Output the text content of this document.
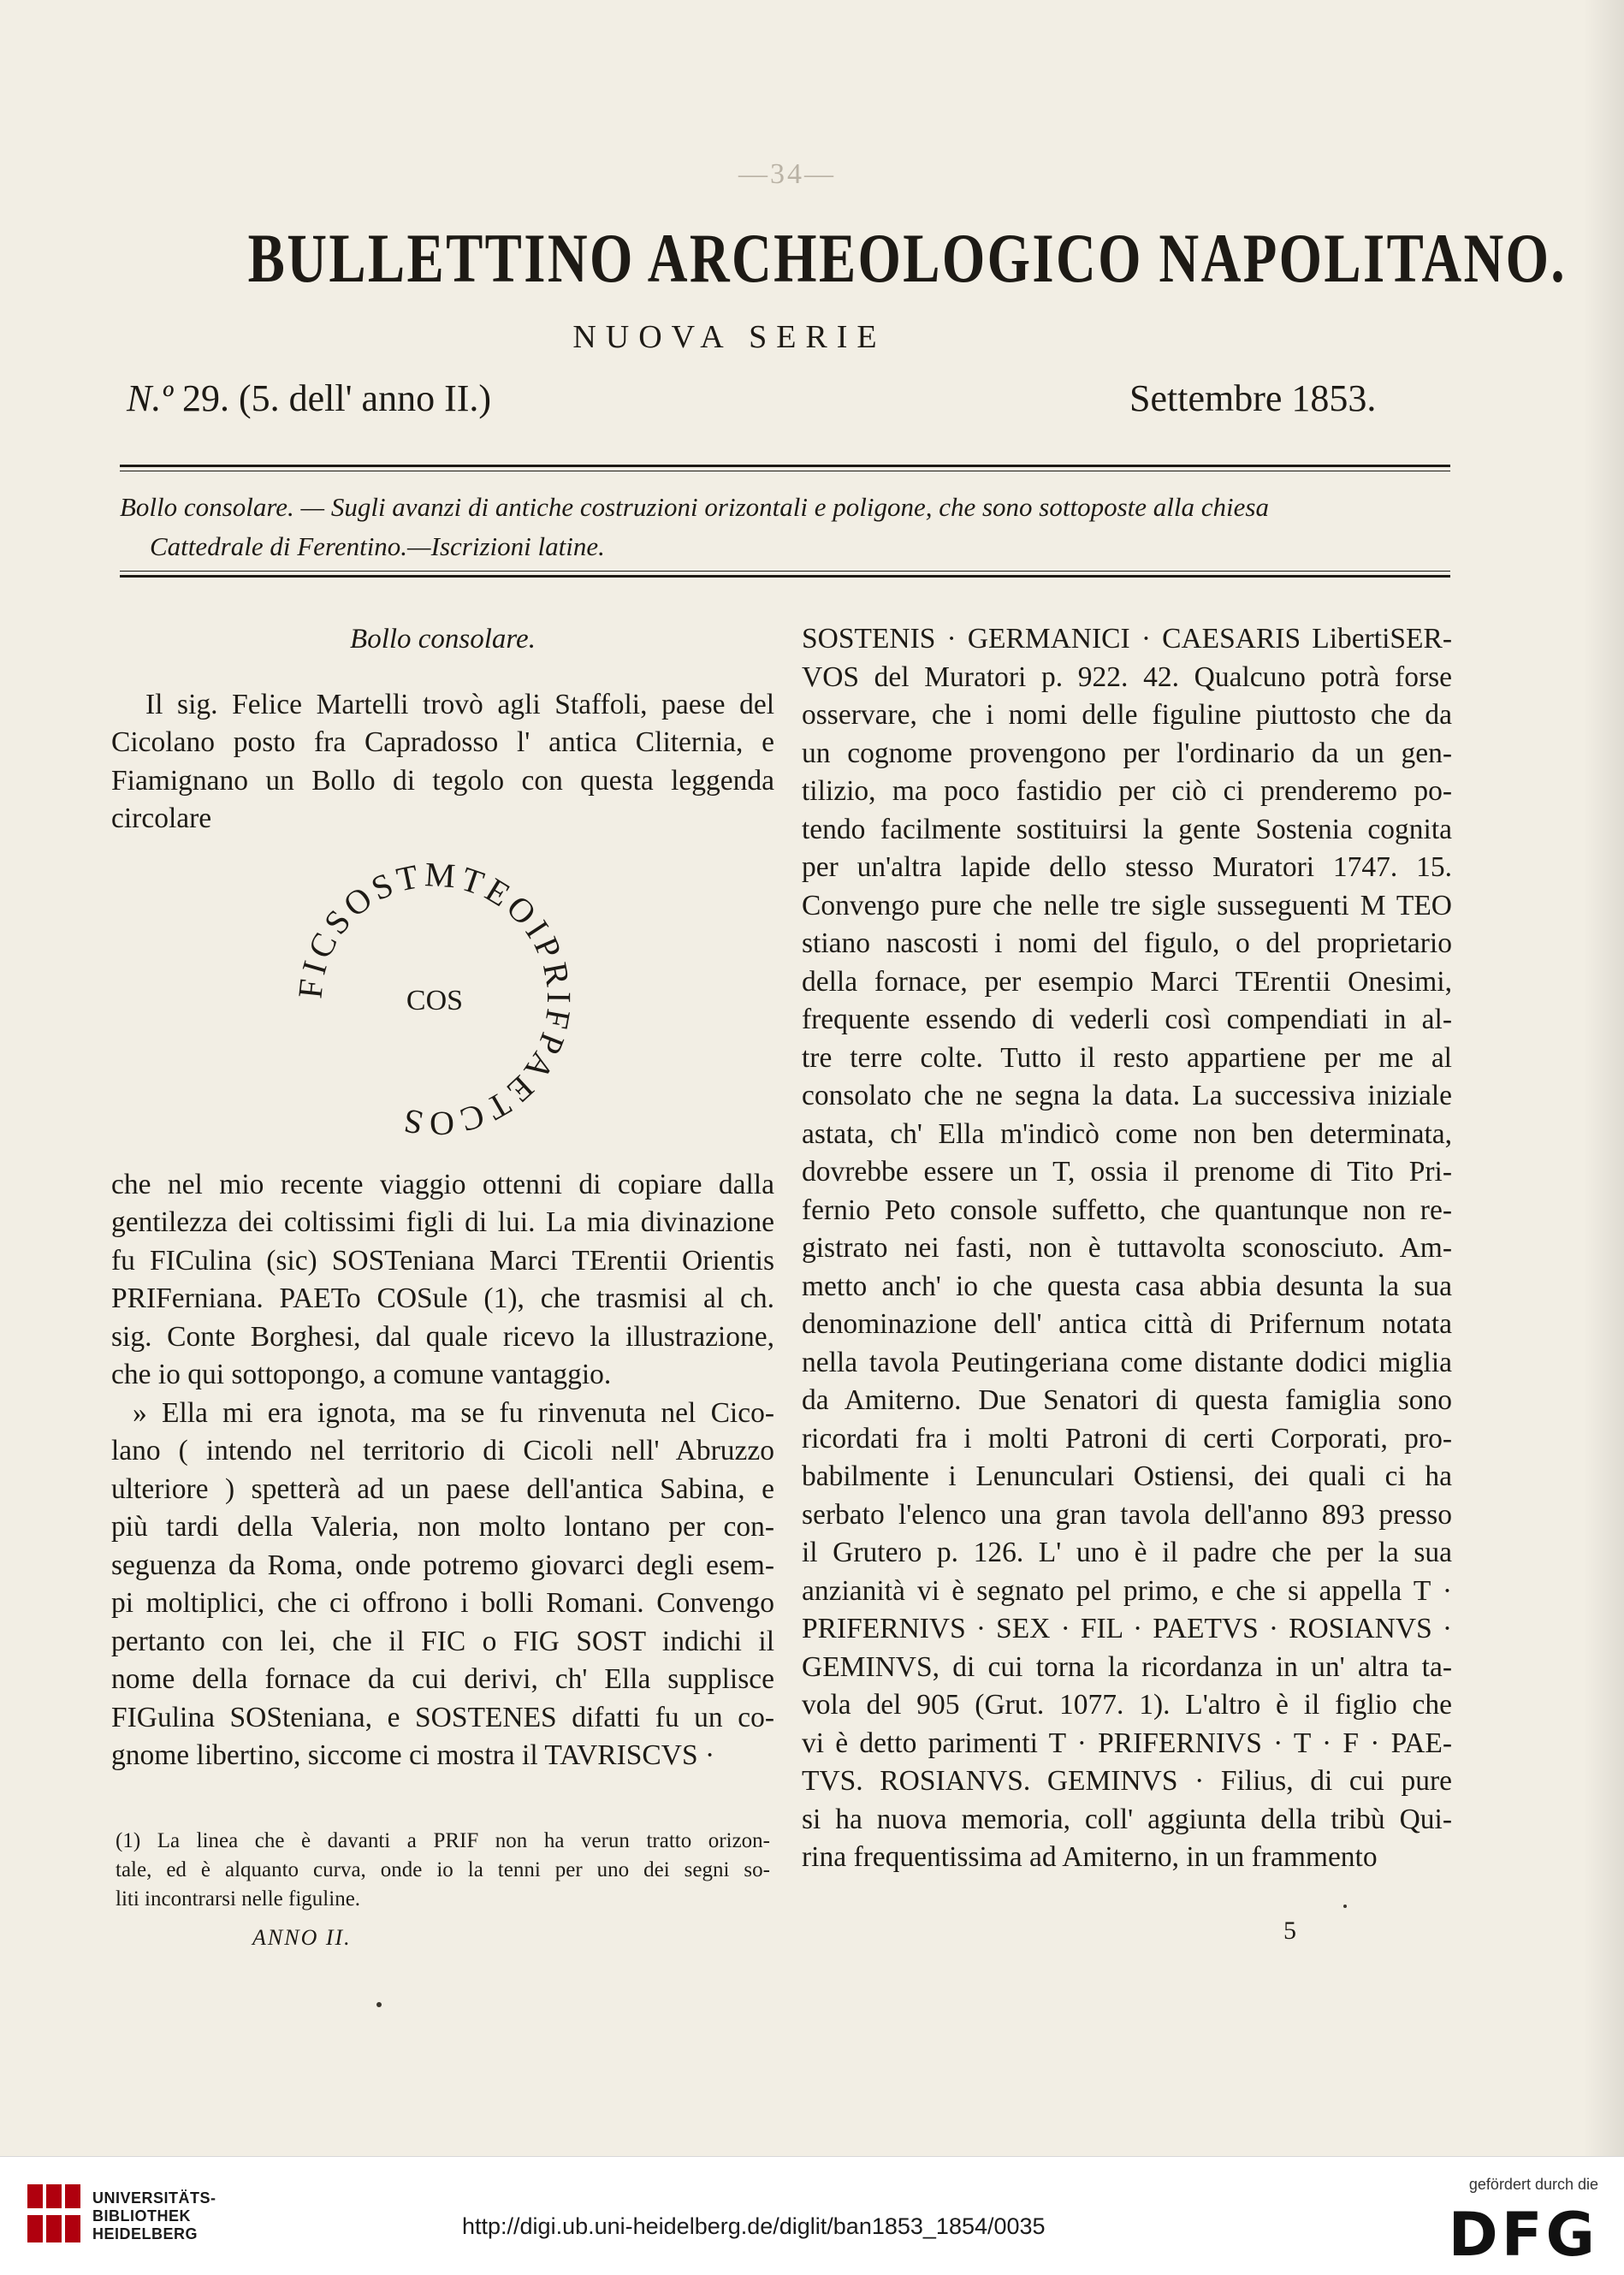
—34—
BULLETTINO ARCHEOLOGICO NAPOLITANO.
NUOVA SERIE
N.º 29. (5. dell' anno II.)	Settembre 1853.
Bollo consolare. — Sugli avanzi di antiche costruzioni orizontali e poligone, che sono sottoposte alla chiesa
Cattedrale di Ferentino.—Iscrizioni latine.
Bollo consolare.

Il sig. Felice Martelli trovò agli Staffoli, paese del
Cicolano posto fra Capradosso l' antica Cliternia, e
Fiamignano un Bollo di tegolo con questa leggenda
circolare

che nel mio recente viaggio ottenni di copiare dalla
gentilezza dei coltissimi figli di lui. La mia divinazione
fu FICulina (sic) SOSTeniana Marci TErentii Orientis
PRIFerniana. PAETo COSule (1), che trasmisi al ch.
sig. Conte Borghesi, dal quale ricevo la illustrazione,
che io qui sottopongo, a comune vantaggio.

» Ella mi era ignota, ma se fu rinvenuta nel Cico-
lano ( intendo nel territorio di Cicoli nell' Abruzzo
ulteriore ) spetterà ad un paese dell'antica Sabina, e
più tardi della Valeria, non molto lontano per con-
seguenza da Roma, onde potremo giovarci degli esem-
pi moltiplici, che ci offrono i bolli Romani. Convengo
pertanto con lei, che il FIC o FIG SOST indichi il
nome della fornace da cui derivi, ch' Ella supplisce
FIGulina SOSteniana, e SOSTENES difatti fu un co-
gnome libertino, siccome ci mostra il TAVRISCVS ·

FICSOSTMTEOIPRIFPAETCOS
COS
(1) La linea che è davanti a PRIF non ha verun tratto orizon-
tale, ed è alquanto curva, onde io la tenni per uno dei segni so-
liti incontrarsi nelle figuline.
ANNO II.	5

SOSTENIS · GERMANICI · CAESARIS LibertiSER-
VOS del Muratori p. 922. 42. Qualcuno potrà forse
osservare, che i nomi delle figuline piuttosto che da
un cognome provengono per l'ordinario da un gen-
tilizio, ma poco fastidio per ciò ci prenderemo po-
tendo facilmente sostituirsi la gente Sostenia cognita
per un'altra lapide dello stesso Muratori 1747. 15.
Convengo pure che nelle tre sigle susseguenti M TEO
stiano nascosti i nomi del figulo, o del proprietario
della fornace, per esempio Marci TErentii Onesimi,
frequente essendo di vederli così compendiati in al-
tre terre colte. Tutto il resto appartiene per me al
consolato che ne segna la data. La successiva iniziale
astata, ch' Ella m'indicò come non ben determinata,
dovrebbe essere un T, ossia il prenome di Tito Pri-
fernio Peto console suffetto, che quantunque non re-
gistrato nei fasti, non è tuttavolta sconosciuto. Am-
metto anch' io che questa casa abbia desunta la sua
denominazione dell' antica città di Prifernum notata
nella tavola Peutingeriana come distante dodici miglia
da Amiterno. Due Senatori di questa famiglia sono
ricordati fra i molti Patroni di certi Corporati, pro-
babilmente i Lenunculari Ostiensi, dei quali ci ha
serbato l'elenco una gran tavola dell'anno 893 presso
il Grutero p. 126. L' uno è il padre che per la sua
anzianità vi è segnato pel primo, e che si appella T ·
PRIFERNIVS · SEX · FIL · PAETVS · ROSIANVS ·
GEMINVS, di cui torna la ricordanza in un' altra ta-
vola del 905 (Grut. 1077. 1). L'altro è il figlio che
vi è detto parimenti T · PRIFERNIVS · T · F · PAE-
TVS. ROSIANVS. GEMINVS · Filius, di cui pure
si ha nuova memoria, coll' aggiunta della tribù Qui-
rina frequentissima ad Amiterno, in un frammento

UNIVERSITÄTS-
BIBLIOTHEK
HEIDELBERG	http://digi.ub.uni-heidelberg.de/diglit/ban1853_1854/0035
gefördert durch die
DFG
